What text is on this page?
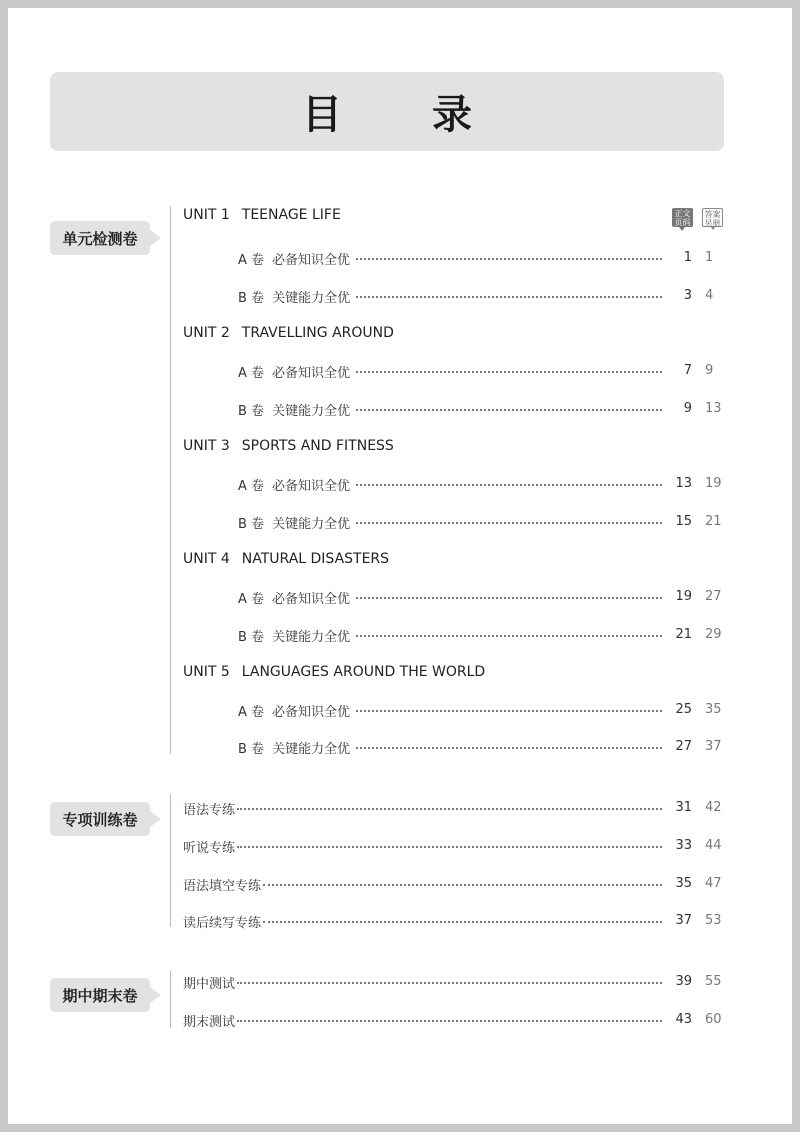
目 录
正文
页码
答案
另册
单元检测卷
UNIT 1 TEENAGE LIFE
A 卷 必备知识全优	1 1
B 卷 关键能力全优	3 4
UNIT 2 TRAVELLING AROUND
A 卷 必备知识全优	7 9
B 卷 关键能力全优	9 13
UNIT 3 SPORTS AND FITNESS
A 卷 必备知识全优	13 19
B 卷 关键能力全优	15 21
UNIT 4 NATURAL DISASTERS
A 卷 必备知识全优	19 27
B 卷 关键能力全优	21 29
UNIT 5 LANGUAGES AROUND THE WORLD
A 卷 必备知识全优	25 35
B 卷 关键能力全优	27 37
专项训练卷
语法专练	31 42
听说专练	33 44
语法填空专练	35 47
读后续写专练	37 53
期中期末卷
期中测试	39 55
期末测试	43 60
